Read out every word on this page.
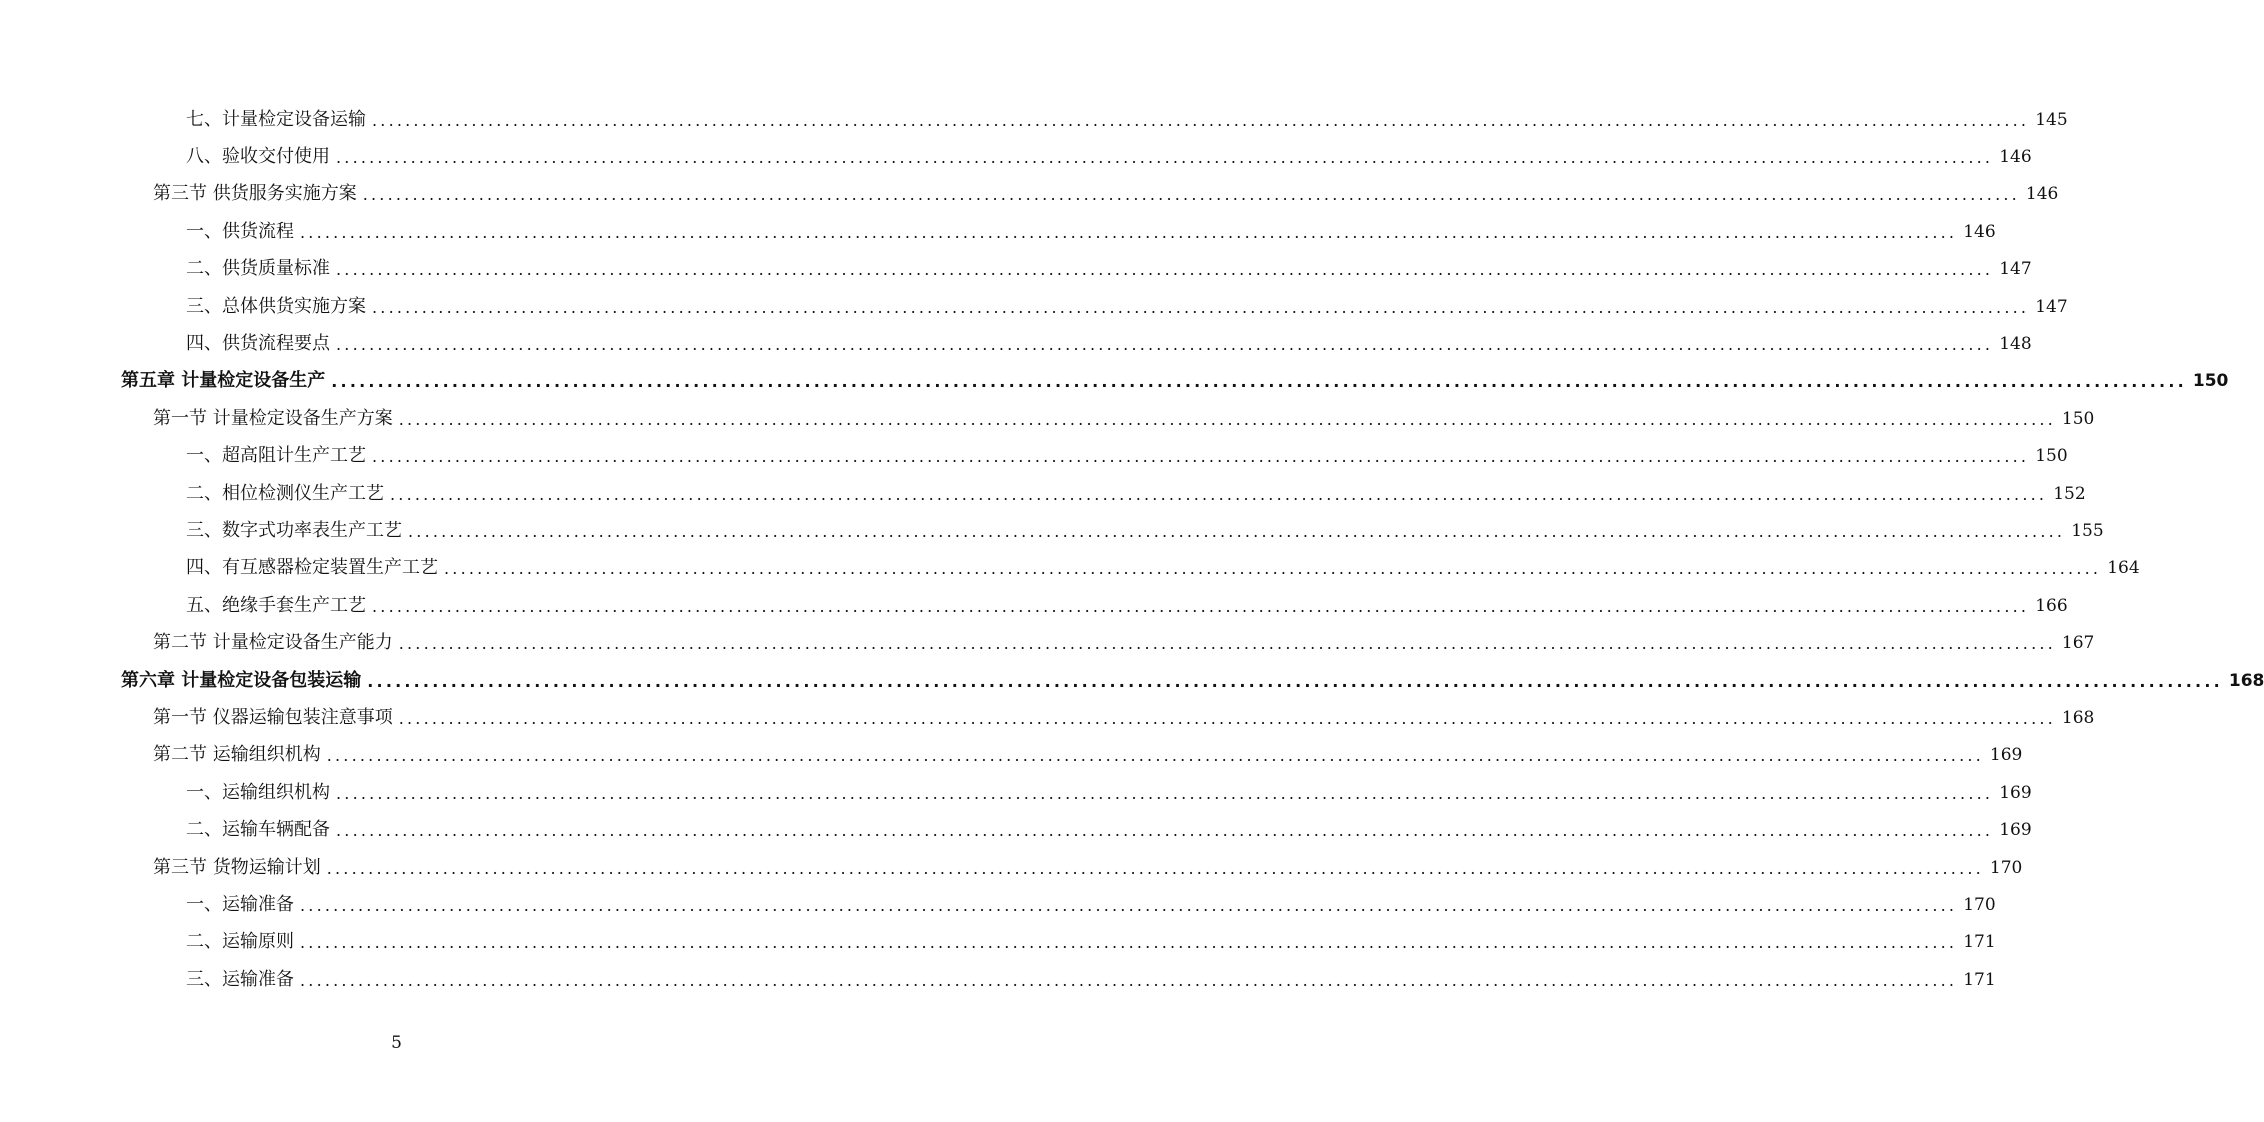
七、计量检定设备运输 ........................................................................................................................................................................................................ 145
八、验收交付使用 ........................................................................................................................................................................................................ 146
第三节 供货服务实施方案 ........................................................................................................................................................................................................ 146
一、供货流程 ........................................................................................................................................................................................................ 146
二、供货质量标准 ........................................................................................................................................................................................................ 147
三、总体供货实施方案 ........................................................................................................................................................................................................ 147
四、供货流程要点 ........................................................................................................................................................................................................ 148
第五章 计量检定设备生产 ........................................................................................................................................................................................................ 150
第一节 计量检定设备生产方案 ........................................................................................................................................................................................................ 150
一、超高阻计生产工艺 ........................................................................................................................................................................................................ 150
二、相位检测仪生产工艺 ........................................................................................................................................................................................................ 152
三、数字式功率表生产工艺 ........................................................................................................................................................................................................ 155
四、有互感器检定装置生产工艺 ........................................................................................................................................................................................................ 164
五、绝缘手套生产工艺 ........................................................................................................................................................................................................ 166
第二节 计量检定设备生产能力 ........................................................................................................................................................................................................ 167
第六章 计量检定设备包装运输 ........................................................................................................................................................................................................ 168
第一节 仪器运输包装注意事项 ........................................................................................................................................................................................................ 168
第二节 运输组织机构 ........................................................................................................................................................................................................ 169
一、运输组织机构 ........................................................................................................................................................................................................ 169
二、运输车辆配备 ........................................................................................................................................................................................................ 169
第三节 货物运输计划 ........................................................................................................................................................................................................ 170
一、运输准备 ........................................................................................................................................................................................................ 170
二、运输原则 ........................................................................................................................................................................................................ 171
三、运输准备 ........................................................................................................................................................................................................ 171
5
